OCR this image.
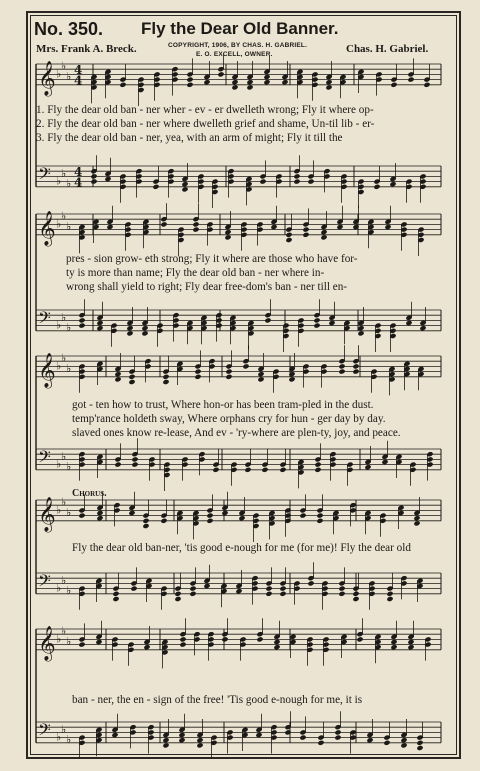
No. 350. Fly the Dear Old Banner.
Mrs. Frank A. Breck.	COPYRIGHT, 1906, BY CHAS. H. GABRIEL.
E. O. EXCELL, OWNER.	Chas. H. Gabriel.
𝄞 ♭
♭
♭ 4
4
𝄢 ♭
♭
♭
4
4
𝄞 ♭
♭
♭
𝄢 ♭
♭
♭
𝄞 ♭
♭
♭
𝄢 ♭
♭
♭
𝄞 ♭
♭
♭
𝄢 ♭
♭
♭
𝄞 ♭
♭
♭
𝄢 ♭
♭
♭
1. Fly the dear old ban - ner wher - ev - er dwelleth wrong; Fly it where op-
2. Fly the dear old ban - ner where dwelleth grief and shame, Un-til lib - er-
3. Fly the dear old ban - ner, yea, with an arm of might; Fly it till the
pres - sion grow- eth strong; Fly it where are those who have for-
ty is more than name; Fly the dear old ban - ner where in-
wrong shall yield to right; Fly dear free-dom's ban - ner till en-
got - ten how to trust, Where hon-or has been tram-pled in the dust.
temp'rance holdeth sway, Where orphans cry for hun - ger day by day.
slaved ones know re-lease, And ev - 'ry-where are plen-ty, joy, and peace.
Chorus.
Fly the dear old ban-ner, 'tis good e-nough for me (for me)! Fly the dear old
ban - ner, the en - sign of the free! 'Tis good e-nough for me, it is
